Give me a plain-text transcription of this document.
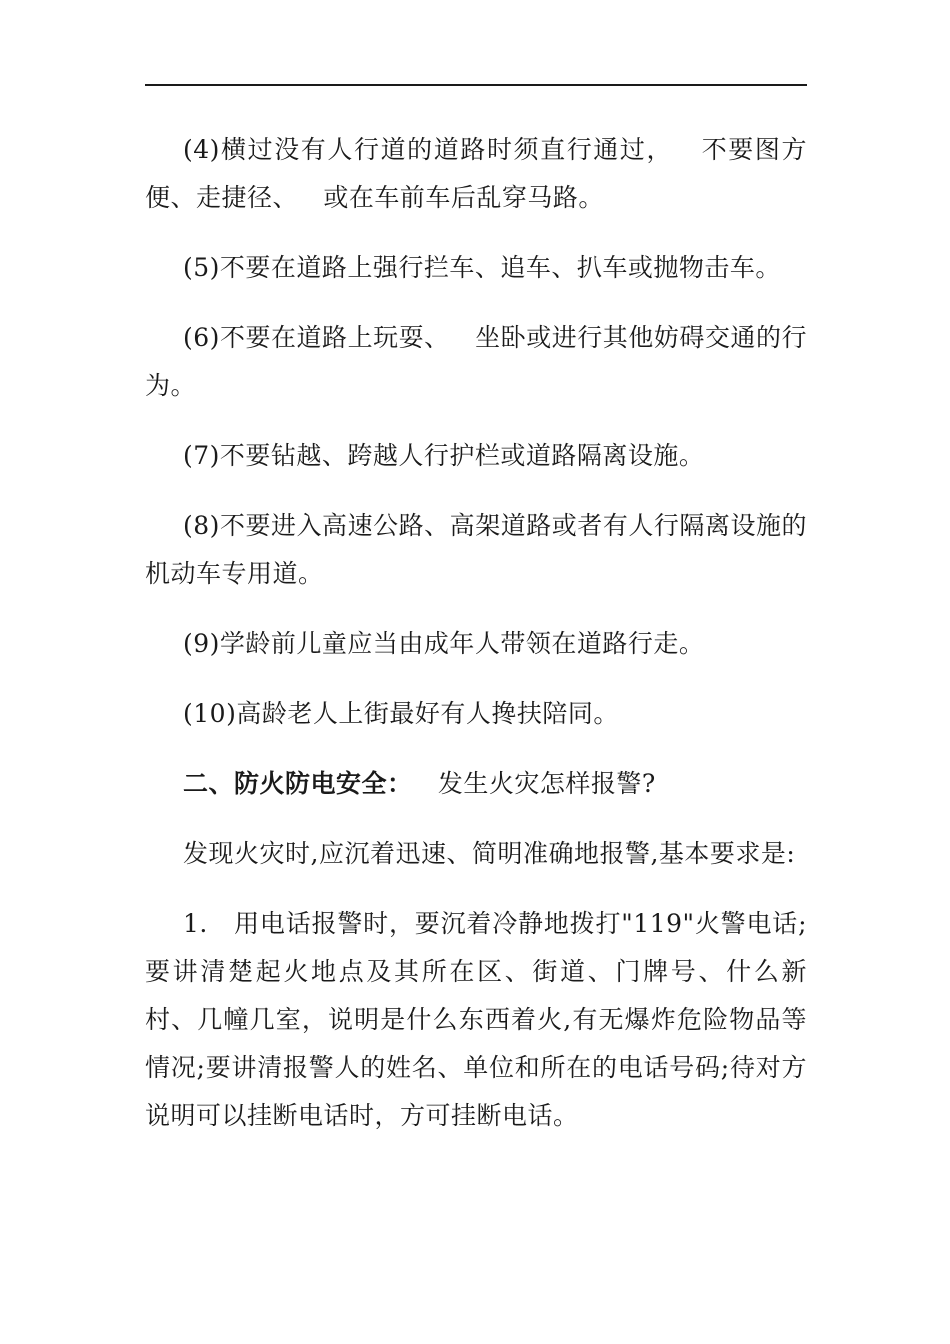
(4)横过没有人行道的道路时须直行通过，   不要图方便、走捷径、   或在车前车后乱穿马路。

(5)不要在道路上强行拦车、追车、扒车或抛物击车。

(6)不要在道路上玩耍、   坐卧或进行其他妨碍交通的行为。

(7)不要钻越、跨越人行护栏或道路隔离设施。

(8)不要进入高速公路、高架道路或者有人行隔离设施的机动车专用道。

(9)学龄前儿童应当由成年人带领在道路行走。

(10)高龄老人上街最好有人搀扶陪同。

二、防火防电安全：   发生火灾怎样报警?

发现火灾时,应沉着迅速、简明准确地报警,基本要求是:

1.   用电话报警时，要沉着冷静地拨打"119"火警电话;要讲清楚起火地点及其所在区、街道、门牌号、什么新村、几幢几室，说明是什么东西着火,有无爆炸危险物品等情况;要讲清报警人的姓名、单位和所在的电话号码;待对方说明可以挂断电话时，方可挂断电话。
